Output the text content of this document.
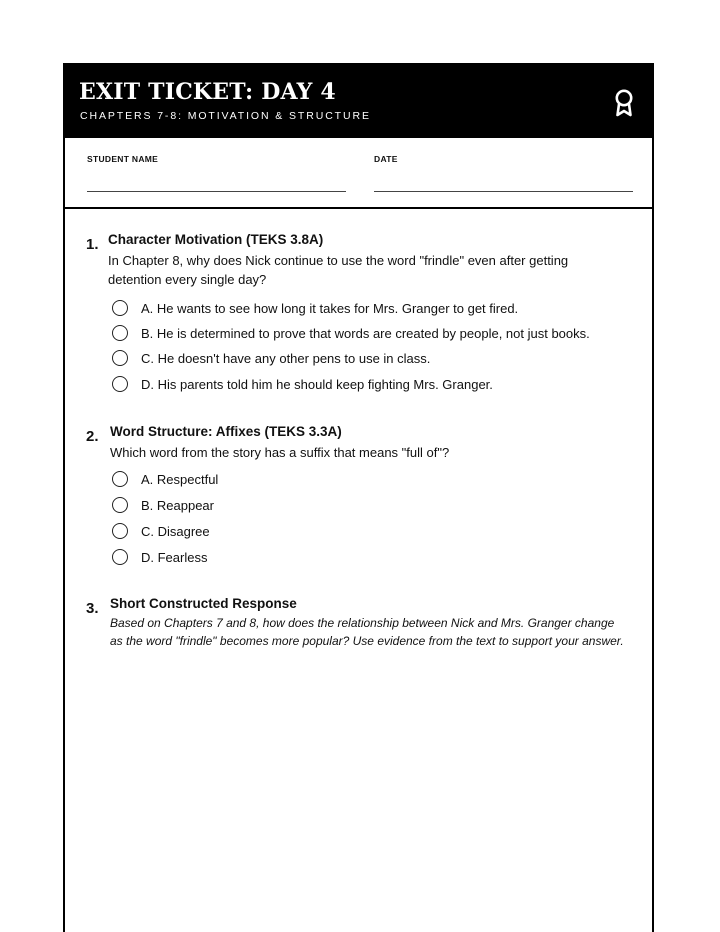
EXIT TICKET: DAY 4
CHAPTERS 7-8: MOTIVATION & STRUCTURE
STUDENT NAME	DATE
1. Character Motivation (TEKS 3.8A)
In Chapter 8, why does Nick continue to use the word "frindle" even after getting detention every single day?
A. He wants to see how long it takes for Mrs. Granger to get fired.
B. He is determined to prove that words are created by people, not just books.
C. He doesn't have any other pens to use in class.
D. His parents told him he should keep fighting Mrs. Granger.
2. Word Structure: Affixes (TEKS 3.3A)
Which word from the story has a suffix that means "full of"?
A. Respectful
B. Reappear
C. Disagree
D. Fearless
3. Short Constructed Response
Based on Chapters 7 and 8, how does the relationship between Nick and Mrs. Granger change as the word "frindle" becomes more popular? Use evidence from the text to support your answer.
